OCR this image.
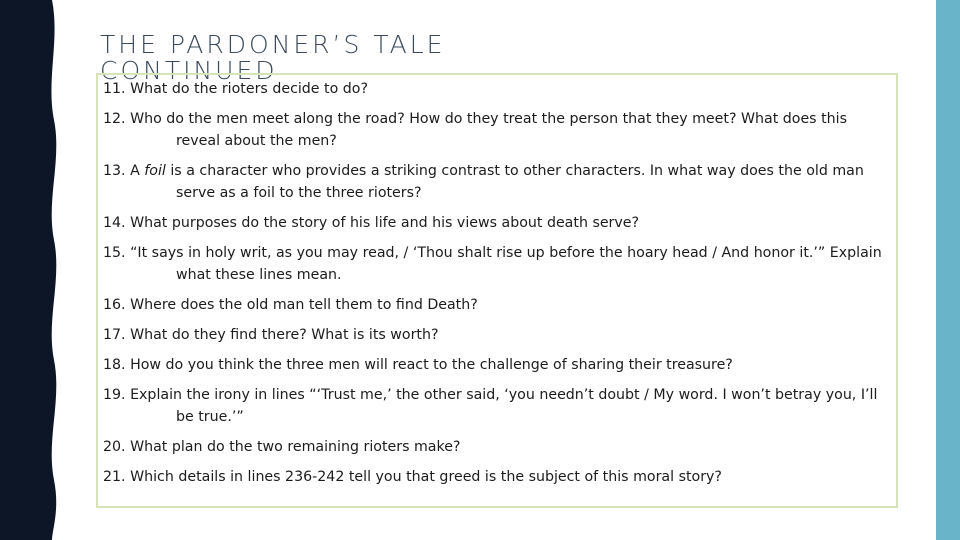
THE PARDONER’S TALE
CONTINUED
11. What do the rioters decide to do?
12. Who do the men meet along the road? How do they treat the person that they meet? What does this reveal about the men?
13. A foil is a character who provides a striking contrast to other characters. In what way does the old man serve as a foil to the three rioters?
14. What purposes do the story of his life and his views about death serve?
15. “It says in holy writ, as you may read, / ‘Thou shalt rise up before the hoary head / And honor it.’” Explain what these lines mean.
16. Where does the old man tell them to find Death?
17. What do they find there? What is its worth?
18. How do you think the three men will react to the challenge of sharing their treasure?
19. Explain the irony in lines “‘Trust me,’ the other said, ‘you needn’t doubt / My word. I won’t betray you, I’ll be true.’”
20. What plan do the two remaining rioters make?
21. Which details in lines 236-242 tell you that greed is the subject of this moral story?
